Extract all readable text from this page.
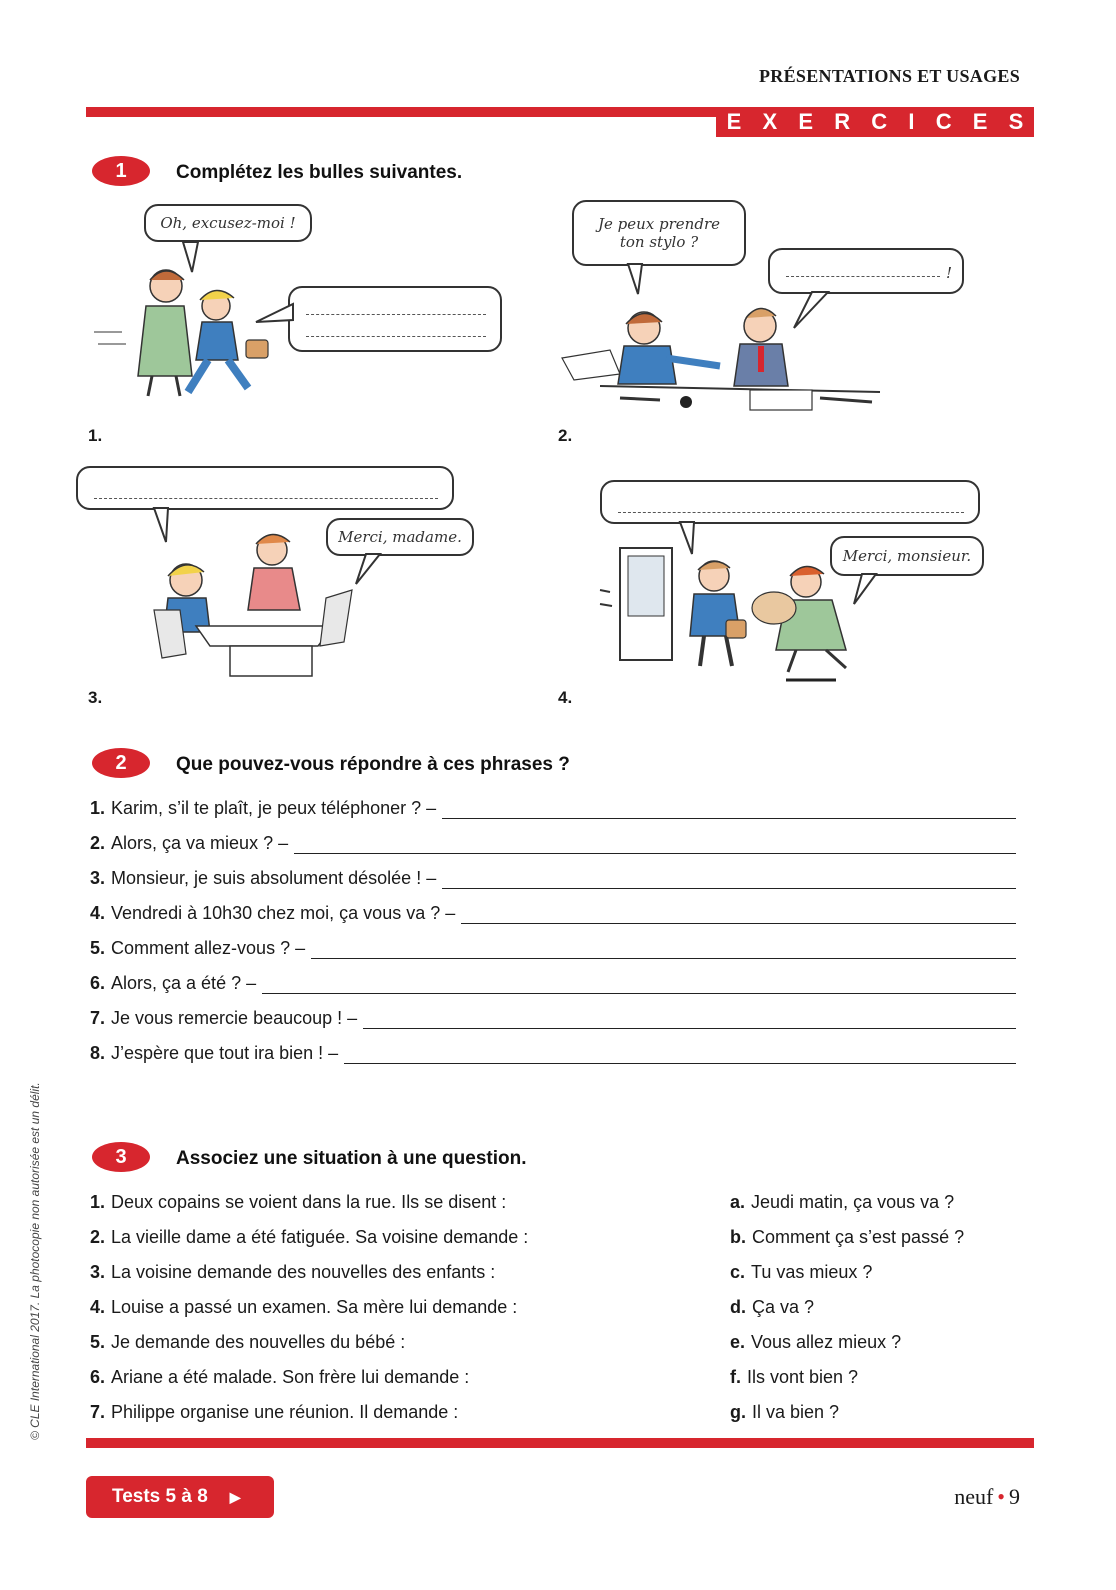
PRÉSENTATIONS ET USAGES
E X E R C I C E S
1	Complétez les bulles suivantes.
Oh, excusez-moi !
1.
Je peux prendre
ton stylo ?
!
2.
Merci, madame.
3.
Merci, monsieur.
4.
2	Que pouvez-vous répondre à ces phrases ?
1. Karim, s’il te plaît, je peux téléphoner ? –
2. Alors, ça va mieux ? –
3. Monsieur, je suis absolument désolée ! –
4. Vendredi à 10h30 chez moi, ça vous va ? –
5. Comment allez-vous ? –
6. Alors, ça a été ? –
7. Je vous remercie beaucoup ! –
8. J’espère que tout ira bien ! –
3	Associez une situation à une question.
1. Deux copains se voient dans la rue. Ils se disent :
2. La vieille dame a été fatiguée. Sa voisine demande :
3. La voisine demande des nouvelles des enfants :
4. Louise a passé un examen. Sa mère lui demande :
5. Je demande des nouvelles du bébé :
6. Ariane a été malade. Son frère lui demande :
7. Philippe organise une réunion. Il demande :
a. Jeudi matin, ça vous va ?
b. Comment ça s’est passé ?
c. Tu vas mieux ?
d. Ça va ?
e. Vous allez mieux ?
f. Ils vont bien ?
g. Il va bien ?
Tests 5 à 8 ▶	neuf • 9
© CLE International 2017. La photocopie non autorisée est un délit.
